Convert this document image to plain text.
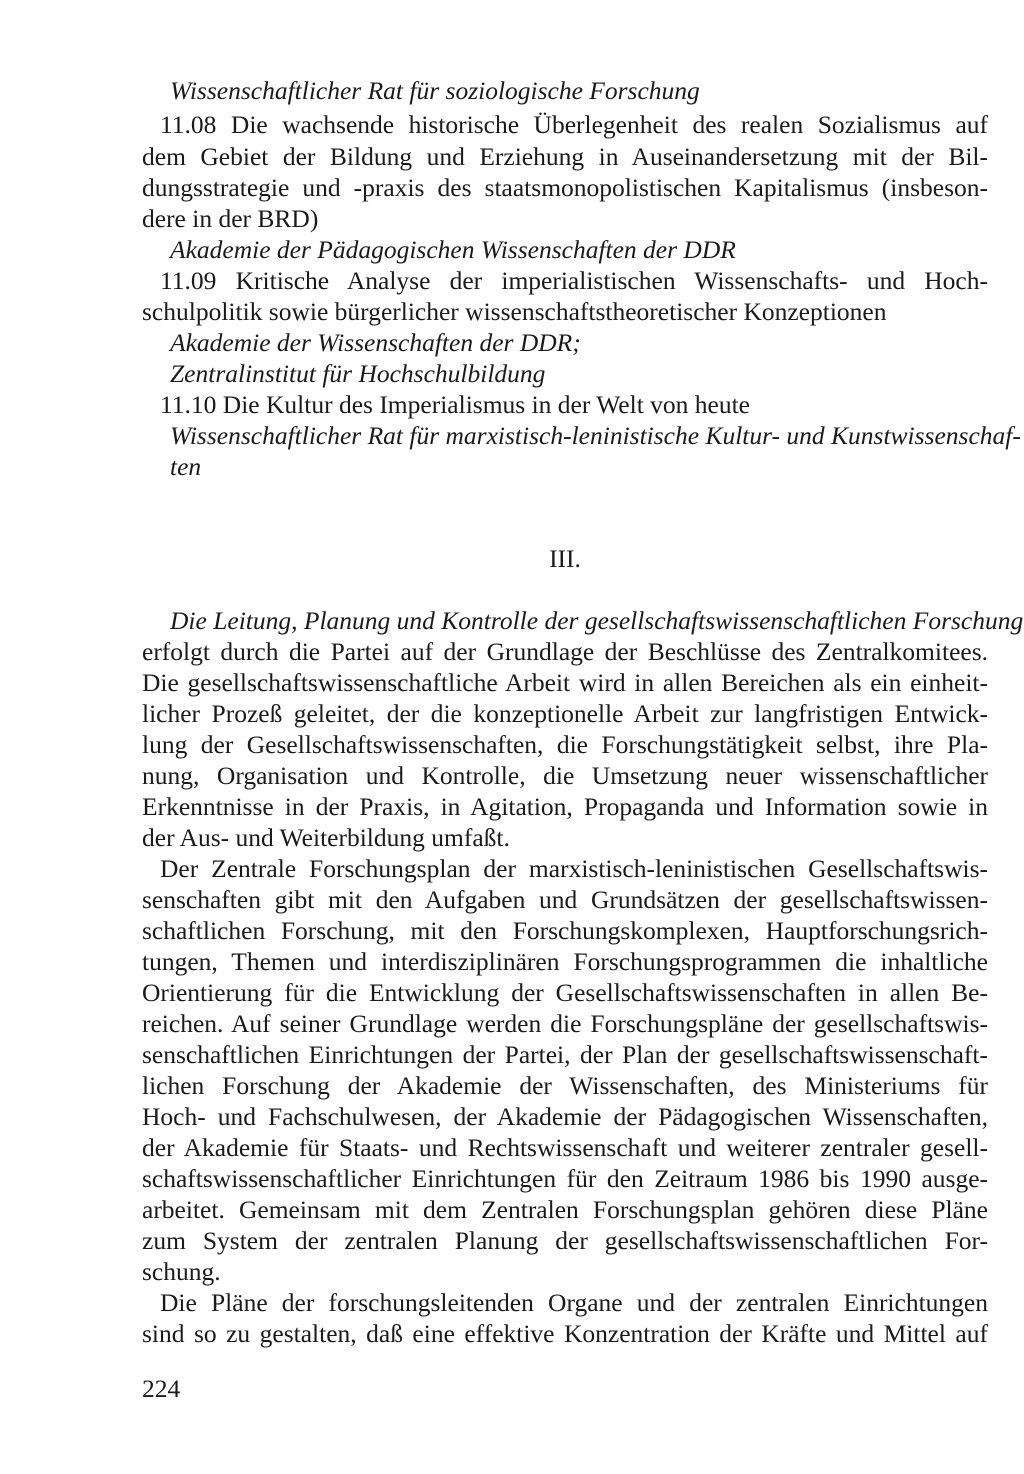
Wissenschaftlicher Rat für soziologische Forschung
11.08 Die wachsende historische Überlegenheit des realen Sozialismus auf
dem Gebiet der Bildung und Erziehung in Auseinandersetzung mit der Bil-
dungsstrategie und -praxis des staatsmonopolistischen Kapitalismus (insbeson-
dere in der BRD)
Akademie der Pädagogischen Wissenschaften der DDR
11.09 Kritische Analyse der imperialistischen Wissenschafts- und Hoch-
schulpolitik sowie bürgerlicher wissenschaftstheoretischer Konzeptionen
Akademie der Wissenschaften der DDR;
Zentralinstitut für Hochschulbildung
11.10 Die Kultur des Imperialismus in der Welt von heute
Wissenschaftlicher Rat für marxistisch-leninistische Kultur- und Kunstwissenschaf-
ten
III.
Die Leitung, Planung und Kontrolle der gesellschaftswissenschaftlichen Forschung
erfolgt durch die Partei auf der Grundlage der Beschlüsse des Zentralkomitees.
Die gesellschaftswissenschaftliche Arbeit wird in allen Bereichen als ein einheit-
licher Prozeß geleitet, der die konzeptionelle Arbeit zur langfristigen Entwick-
lung der Gesellschaftswissenschaften, die Forschungstätigkeit selbst, ihre Pla-
nung, Organisation und Kontrolle, die Umsetzung neuer wissenschaftlicher
Erkenntnisse in der Praxis, in Agitation, Propaganda und Information sowie in
der Aus- und Weiterbildung umfaßt.
Der Zentrale Forschungsplan der marxistisch-leninistischen Gesellschaftswis-
senschaften gibt mit den Aufgaben und Grundsätzen der gesellschaftswissen-
schaftlichen Forschung, mit den Forschungskomplexen, Hauptforschungsrich-
tungen, Themen und interdisziplinären Forschungsprogrammen die inhaltliche
Orientierung für die Entwicklung der Gesellschaftswissenschaften in allen Be-
reichen. Auf seiner Grundlage werden die Forschungspläne der gesellschaftswis-
senschaftlichen Einrichtungen der Partei, der Plan der gesellschaftswissenschaft-
lichen Forschung der Akademie der Wissenschaften, des Ministeriums für
Hoch- und Fachschulwesen, der Akademie der Pädagogischen Wissenschaften,
der Akademie für Staats- und Rechtswissenschaft und weiterer zentraler gesell-
schaftswissenschaftlicher Einrichtungen für den Zeitraum 1986 bis 1990 ausge-
arbeitet. Gemeinsam mit dem Zentralen Forschungsplan gehören diese Pläne
zum System der zentralen Planung der gesellschaftswissenschaftlichen For-
schung.
Die Pläne der forschungsleitenden Organe und der zentralen Einrichtungen
sind so zu gestalten, daß eine effektive Konzentration der Kräfte und Mittel auf
224
